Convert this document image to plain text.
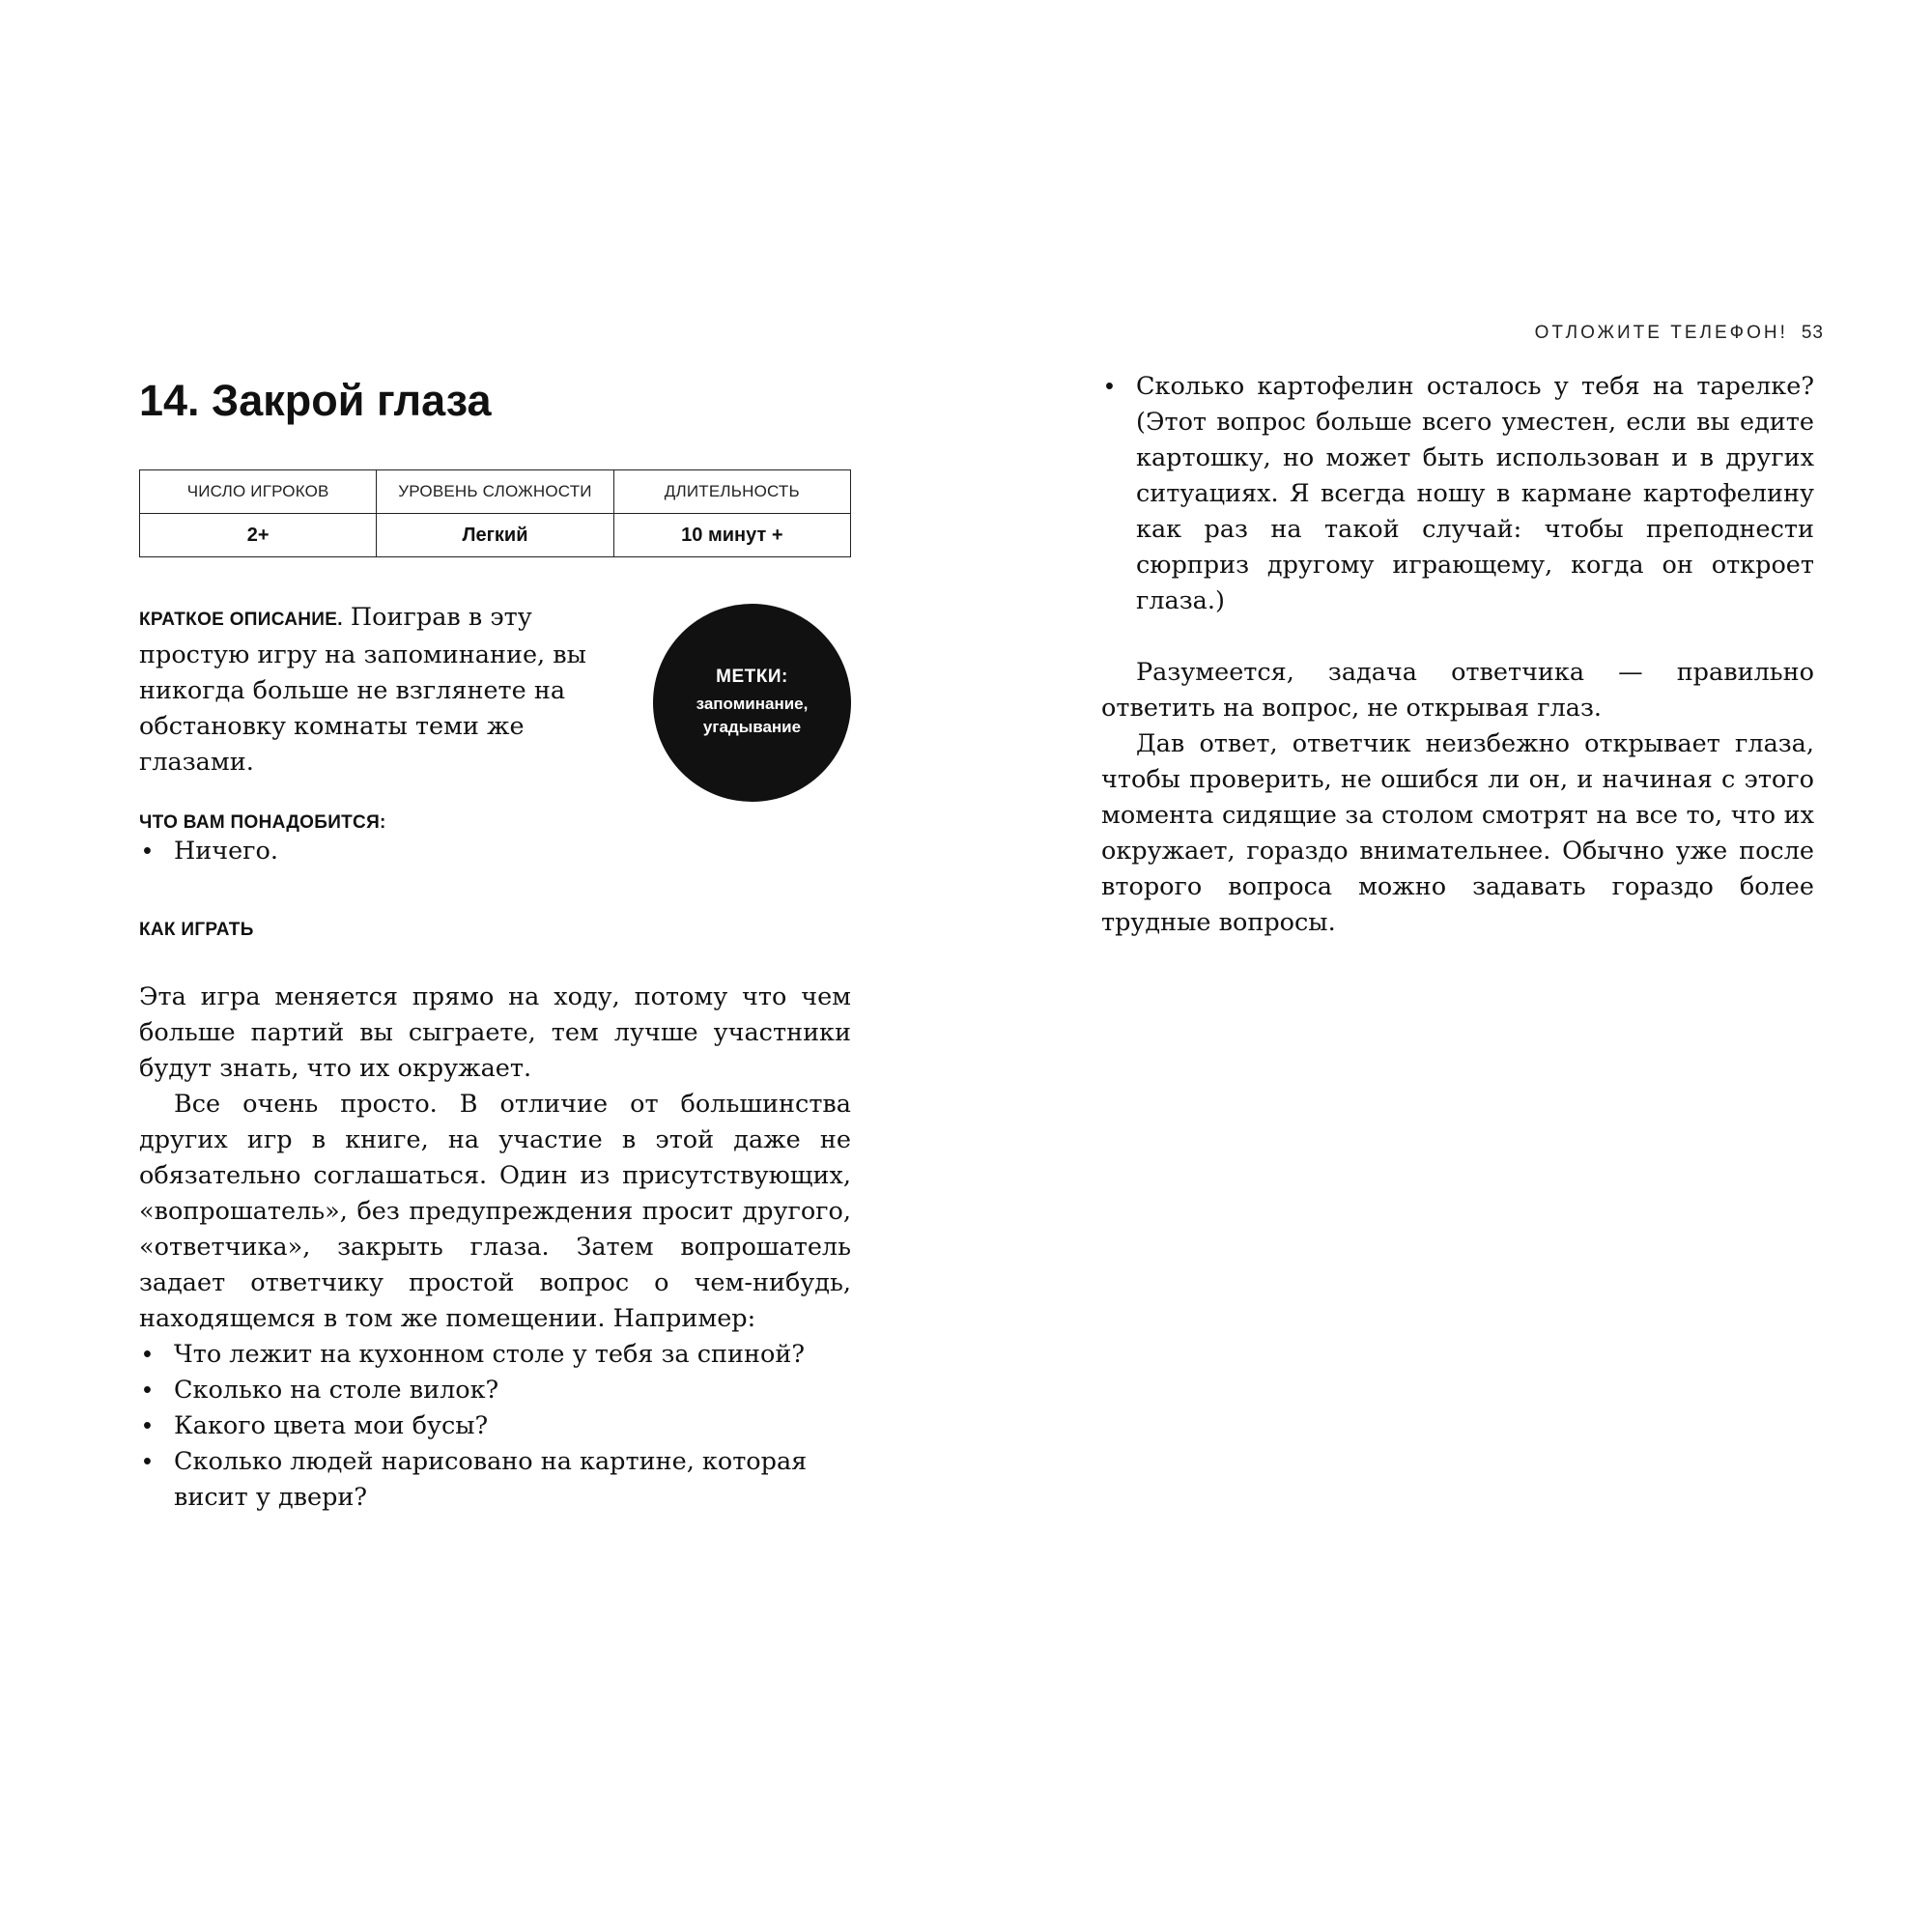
ОТЛОЖИТЕ ТЕЛЕФОН! 53
14. Закрой глаза
ЧИСЛО ИГРОКОВ	УРОВЕНЬ СЛОЖНОСТИ	ДЛИТЕЛЬНОСТЬ
2+	Легкий	10 минут +

КРАТКОЕ ОПИСАНИЕ. Поиграв в эту простую игру на запоминание, вы никогда больше не взглянете на обстановку комнаты теми же глазами.

МЕТКИ:
запоминание,
угадывание
ЧТО ВАМ ПОНАДОБИТСЯ:
• Ничего.
КАК ИГРАТЬ

Эта игра меняется прямо на ходу, потому что чем больше партий вы сыграете, тем лучше участники будут знать, что их окружает.

Все очень просто. В отличие от большинства других игр в книге, на участие в этой даже не обязательно соглашаться. Один из присутствующих, «вопрошатель», без предупреждения просит другого, «ответчика», закрыть глаза. Затем вопрошатель задает ответчику простой вопрос о чем-нибудь, находящемся в том же помещении. Например:

• Что лежит на кухонном столе у тебя за спиной?
• Сколько на столе вилок?
• Какого цвета мои бусы?
• Сколько людей нарисовано на картине, которая висит у двери?
• Сколько картофелин осталось у тебя на тарелке? (Этот вопрос больше всего уместен, если вы едите картошку, но может быть использован и в других ситуациях. Я всегда ношу в кармане картофелину как раз на такой случай: чтобы преподнести сюрприз другому играющему, когда он откроет глаза.)

Разумеется, задача ответчика — правильно ответить на вопрос, не открывая глаз.

Дав ответ, ответчик неизбежно открывает глаза, чтобы проверить, не ошибся ли он, и начиная с этого момента сидящие за столом смотрят на все то, что их окружает, гораздо внимательнее. Обычно уже после второго вопроса можно задавать гораздо более трудные вопросы.
